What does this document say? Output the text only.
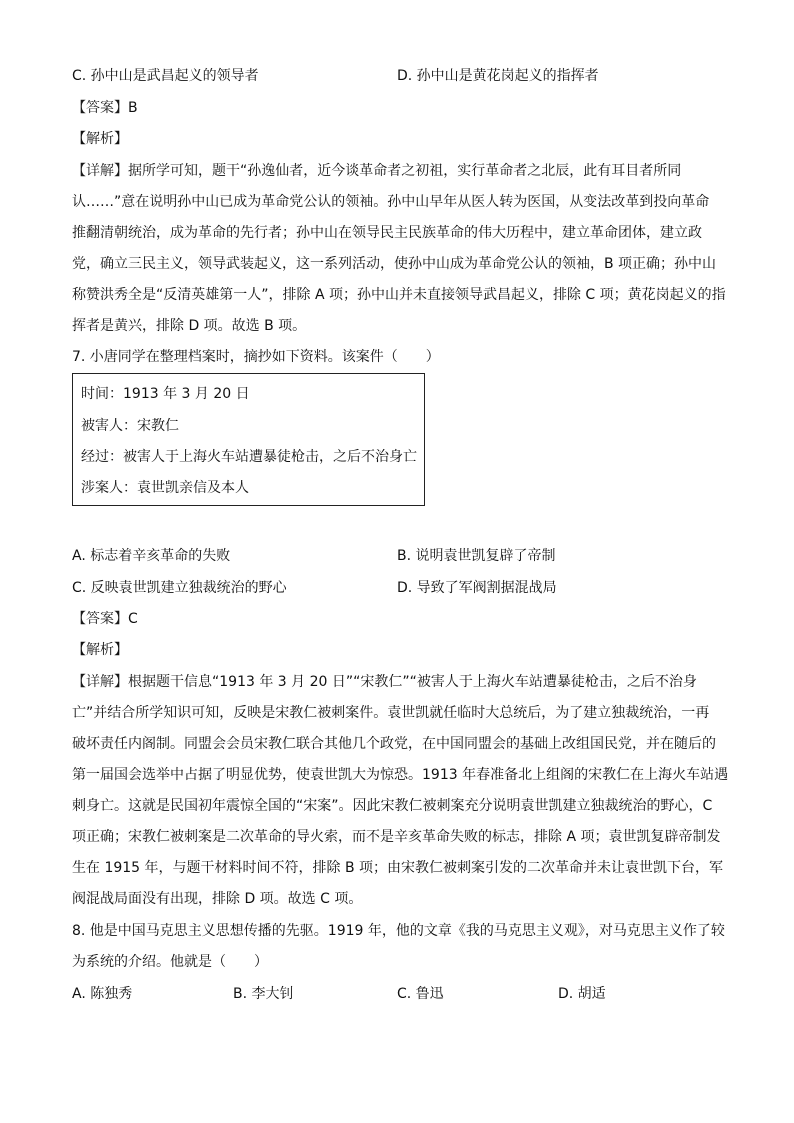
C. 孙中山是武昌起义的领导者	D. 孙中山是黄花岗起义的指挥者
【答案】B
【解析】
【详解】据所学可知，题干“孙逸仙者，近今谈革命者之初祖，实行革命者之北辰，此有耳目者所同
认……”意在说明孙中山已成为革命党公认的领袖。孙中山早年从医人转为医国，从变法改革到投向革命
推翻清朝统治，成为革命的先行者；孙中山在领导民主民族革命的伟大历程中，建立革命团体，建立政
党，确立三民主义，领导武装起义，这一系列活动，使孙中山成为革命党公认的领袖，B 项正确；孙中山
称赞洪秀全是“反清英雄第一人”，排除 A 项；孙中山并未直接领导武昌起义，排除 C 项；黄花岗起义的指
挥者是黄兴，排除 D 项。故选 B 项。
7. 小唐同学在整理档案时，摘抄如下资料。该案件（　　）
时间：1913 年 3 月 20 日
被害人：宋教仁
经过：被害人于上海火车站遭暴徒枪击，之后不治身亡
涉案人：袁世凯亲信及本人
A. 标志着辛亥革命的失败	B. 说明袁世凯复辟了帝制
C. 反映袁世凯建立独裁统治的野心	D. 导致了军阀割据混战局
【答案】C
【解析】
【详解】根据题干信息“1913 年 3 月 20 日”“宋教仁”“被害人于上海火车站遭暴徒枪击，之后不治身
亡”并结合所学知识可知，反映是宋教仁被刺案件。袁世凯就任临时大总统后，为了建立独裁统治，一再
破坏责任内阁制。同盟会会员宋教仁联合其他几个政党，在中国同盟会的基础上改组国民党，并在随后的
第一届国会选举中占据了明显优势，使袁世凯大为惊恐。1913 年春准备北上组阁的宋教仁在上海火车站遇
刺身亡。这就是民国初年震惊全国的“宋案”。因此宋教仁被刺案充分说明袁世凯建立独裁统治的野心，C
项正确；宋教仁被刺案是二次革命的导火索，而不是辛亥革命失败的标志，排除 A 项；袁世凯复辟帝制发
生在 1915 年，与题干材料时间不符，排除 B 项；由宋教仁被刺案引发的二次革命并未让袁世凯下台，军
阀混战局面没有出现，排除 D 项。故选 C 项。
8. 他是中国马克思主义思想传播的先驱。1919 年，他的文章《我的马克思主义观》，对马克思主义作了较
为系统的介绍。他就是（　　）
A. 陈独秀	B. 李大钊	C. 鲁迅	D. 胡适
